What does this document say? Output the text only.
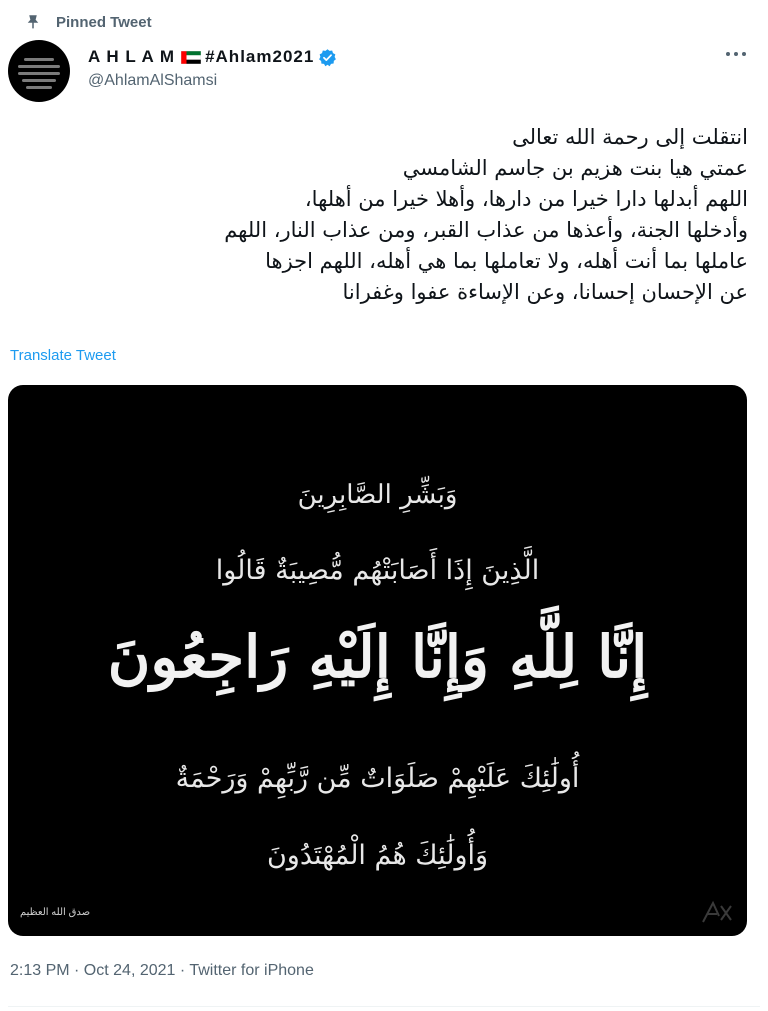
Pinned Tweet
A H L A M #Ahlam2021
@AhlamAlShamsi

انتقلت إلى رحمة الله تعالى

عمتي هيا بنت هزيم بن جاسم الشامسي

اللهم أبدلها دارا خيرا من دارها، وأهلا خيرا من أهلها،

وأدخلها الجنة، وأعذها من عذاب القبر، ومن عذاب النار، اللهم

عاملها بما أنت أهله، ولا تعاملها بما هي أهله، اللهم اجزها

عن الإحسان إحسانا، وعن الإساءة عفوا وغفرانا

Translate Tweet
وَبَشِّرِ الصَّابِرِينَ
الَّذِينَ إِذَا أَصَابَتْهُم مُّصِيبَةٌ قَالُوا
إِنَّا لِلَّهِ وَإِنَّا إِلَيْهِ رَاجِعُونَ
أُولَٰئِكَ عَلَيْهِمْ صَلَوَاتٌ مِّن رَّبِّهِمْ وَرَحْمَةٌ
وَأُولَٰئِكَ هُمُ الْمُهْتَدُونَ
صدق الله العظيم
2:13 PM · Oct 24, 2021 · Twitter for iPhone
